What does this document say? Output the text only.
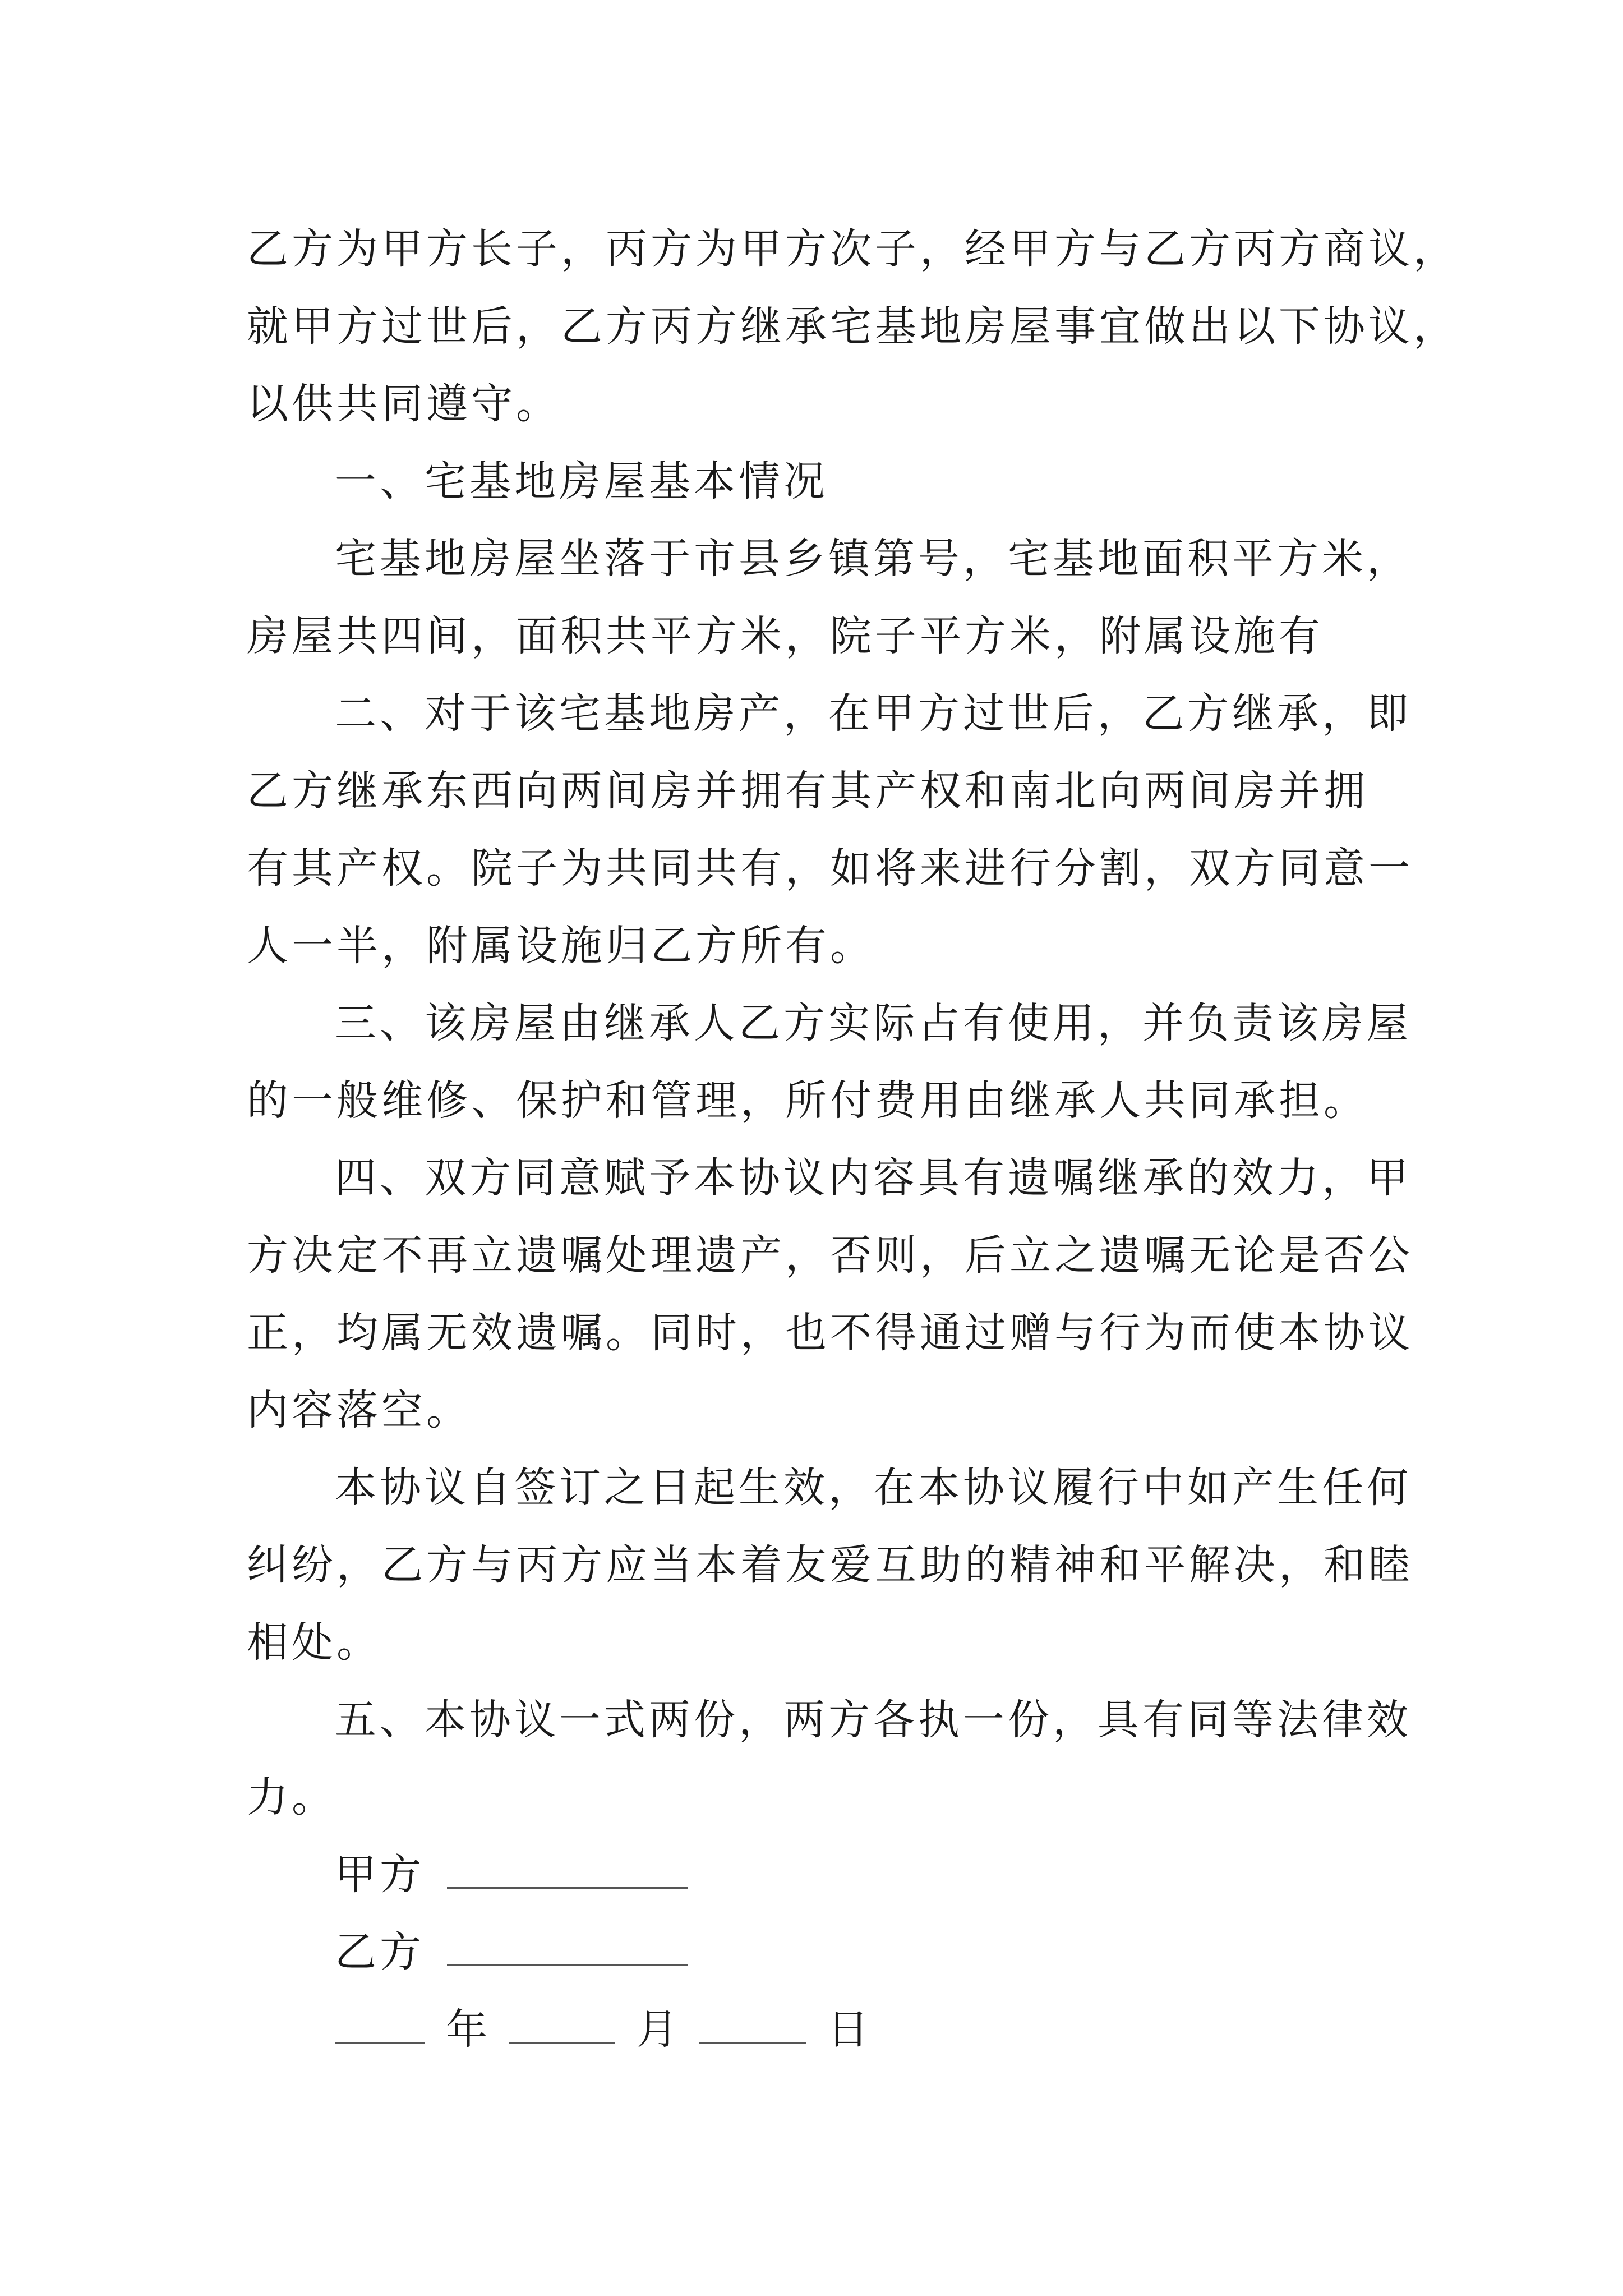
乙方为甲方长子，丙方为甲方次子，经甲方与乙方丙方商议，
就甲方过世后，乙方丙方继承宅基地房屋事宜做出以下协议，
以供共同遵守。
一、宅基地房屋基本情况
宅基地房屋坐落于市县乡镇第号，宅基地面积平方米，
房屋共四间，面积共平方米，院子平方米，附属设施有
二、对于该宅基地房产，在甲方过世后，乙方继承，即
乙方继承东西向两间房并拥有其产权和南北向两间房并拥
有其产权。院子为共同共有，如将来进行分割，双方同意一
人一半，附属设施归乙方所有。
三、该房屋由继承人乙方实际占有使用，并负责该房屋
的一般维修、保护和管理，所付费用由继承人共同承担。
四、双方同意赋予本协议内容具有遗嘱继承的效力，甲
方决定不再立遗嘱处理遗产，否则，后立之遗嘱无论是否公
正，均属无效遗嘱。同时，也不得通过赠与行为而使本协议
内容落空。
本协议自签订之日起生效，在本协议履行中如产生任何
纠纷，乙方与丙方应当本着友爱互助的精神和平解决，和睦
相处。
五、本协议一式两份，两方各执一份，具有同等法律效
力。
甲方
乙方
年	月	日
